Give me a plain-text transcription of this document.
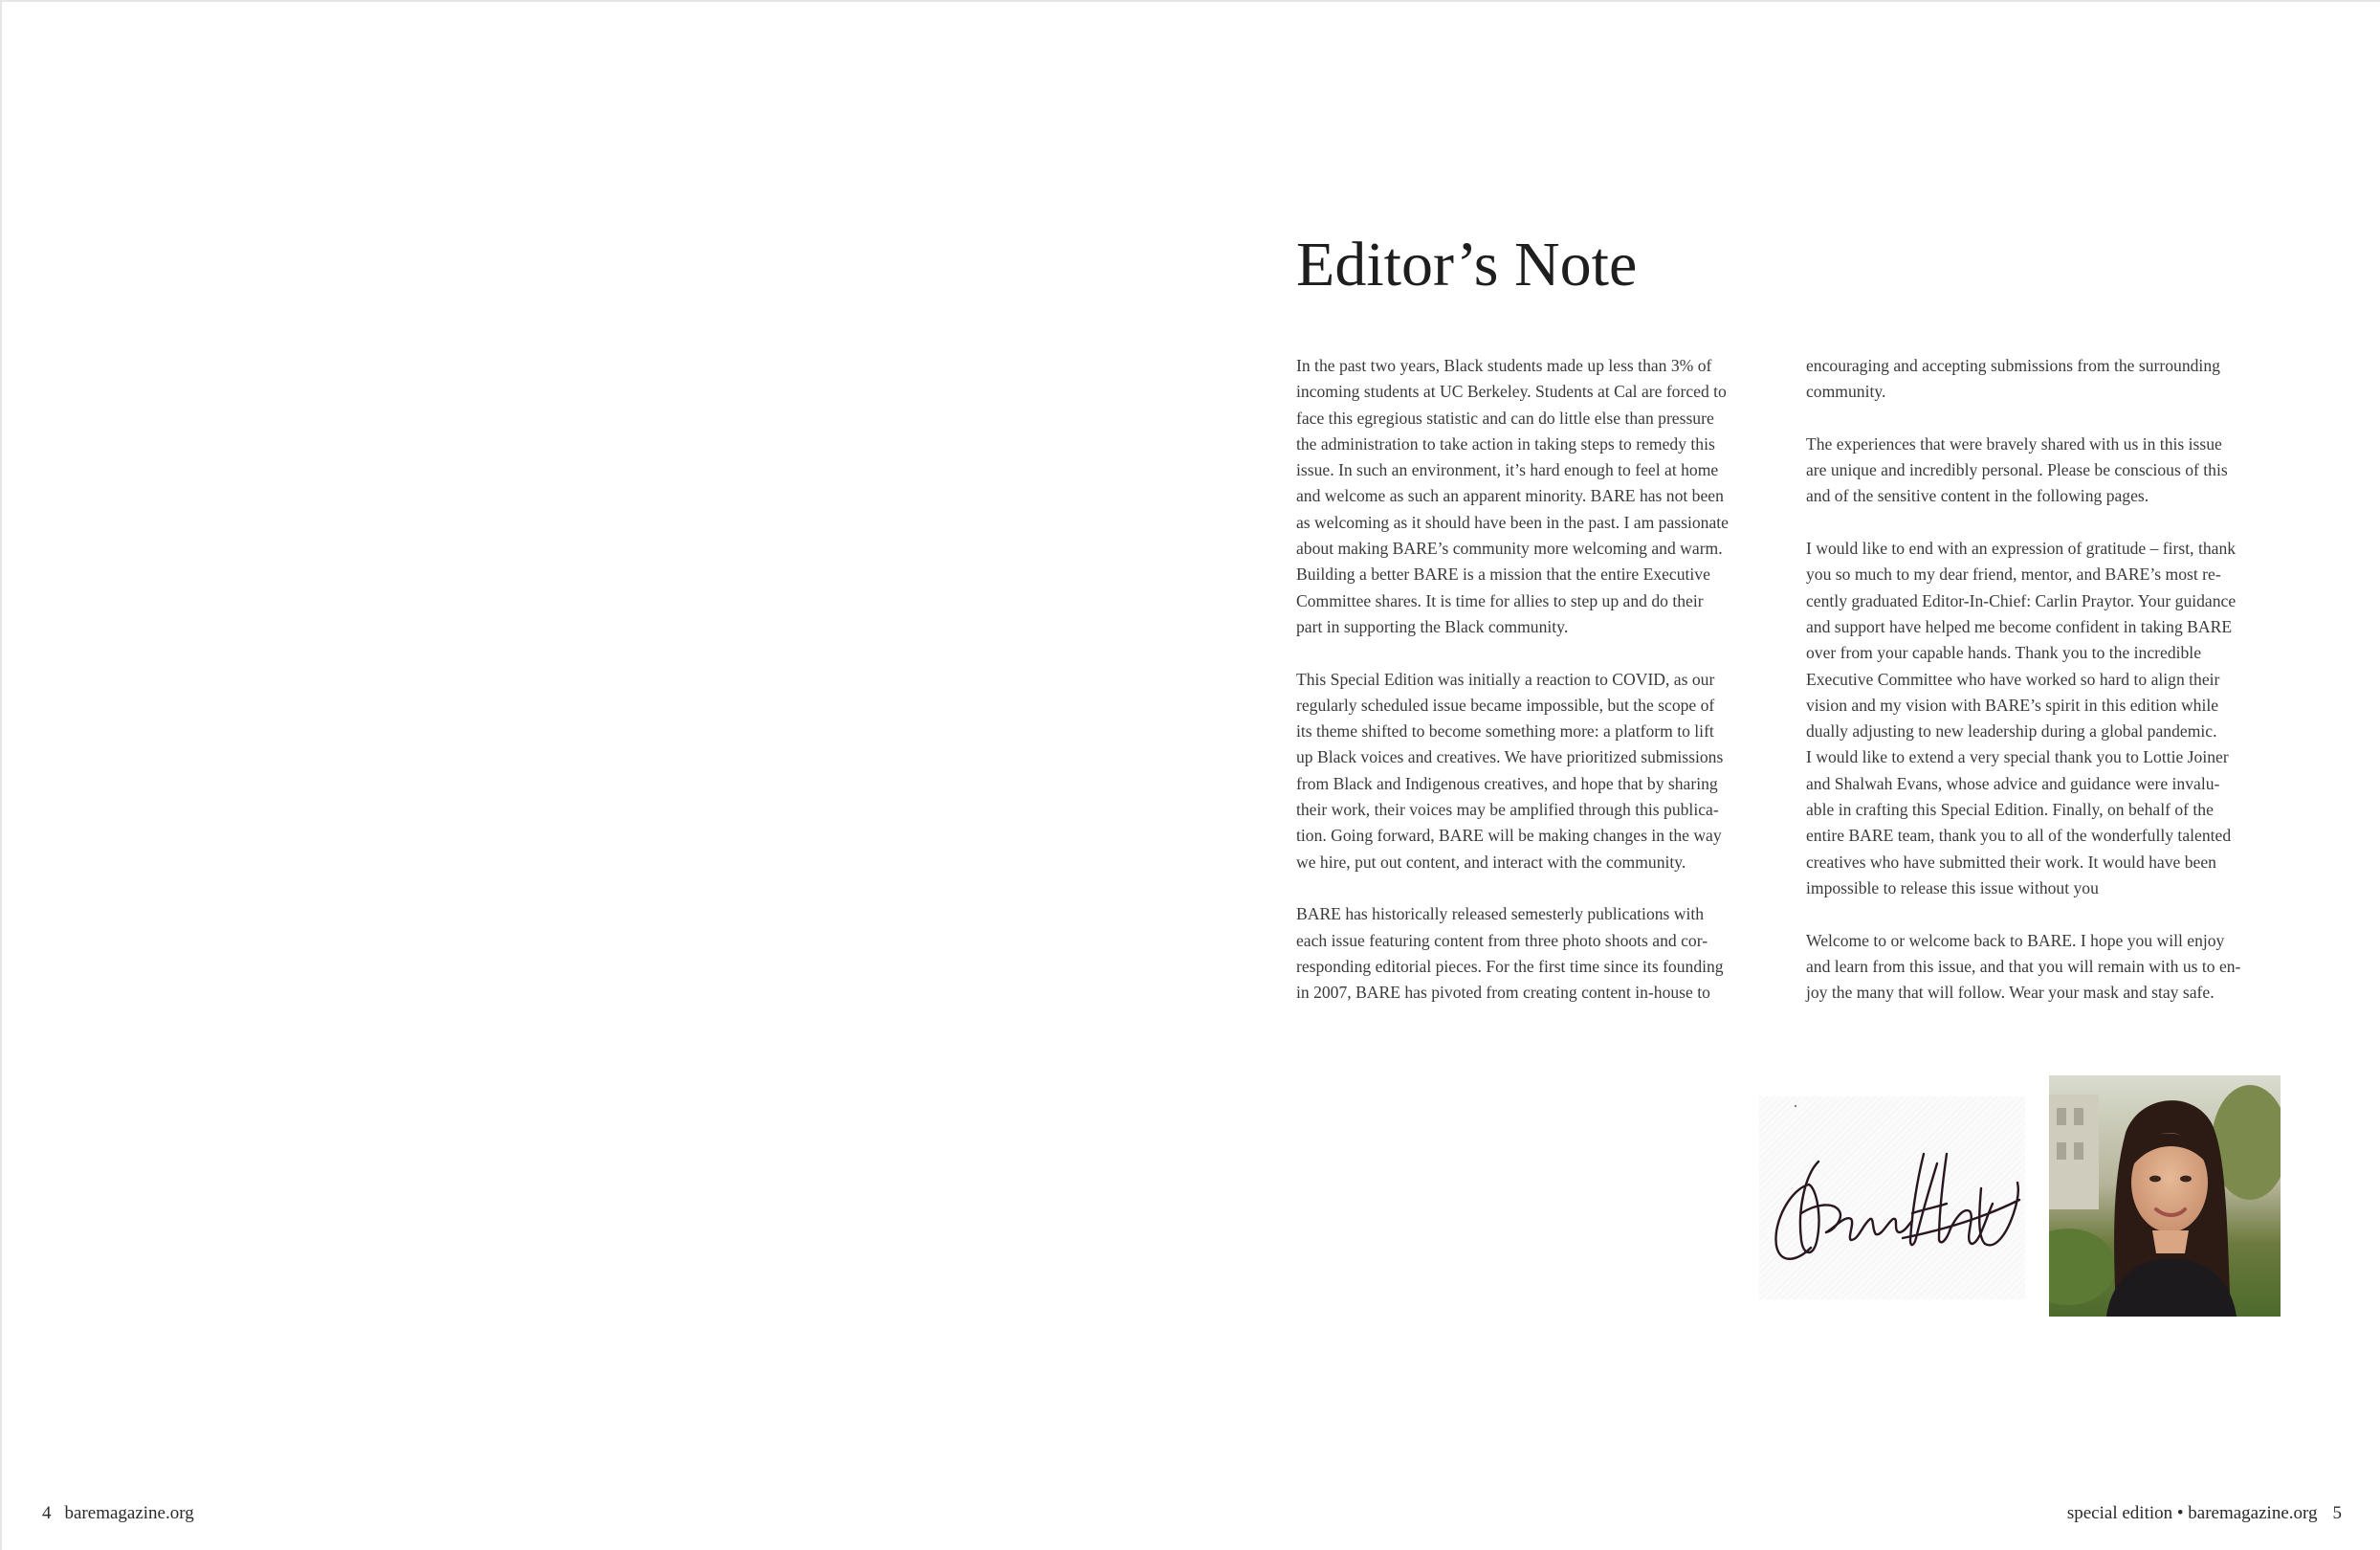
Editor’s Note

In the past two years, Black students made up less than 3% of
incoming students at UC Berkeley. Students at Cal are forced to
face this egregious statistic and can do little else than pressure
the administration to take action in taking steps to remedy this
issue. In such an environment, it’s hard enough to feel at home
and welcome as such an apparent minority. BARE has not been
as welcoming as it should have been in the past. I am passionate
about making BARE’s community more welcoming and warm.
Building a better BARE is a mission that the entire Executive
Committee shares. It is time for allies to step up and do their
part in supporting the Black community.

This Special Edition was initially a reaction to COVID, as our
regularly scheduled issue became impossible, but the scope of
its theme shifted to become something more: a platform to lift
up Black voices and creatives. We have prioritized submissions
from Black and Indigenous creatives, and hope that by sharing
their work, their voices may be amplified through this publica-
tion. Going forward, BARE will be making changes in the way
we hire, put out content, and interact with the community.

BARE has historically released semesterly publications with
each issue featuring content from three photo shoots and cor-
responding editorial pieces. For the first time since its founding
in 2007, BARE has pivoted from creating content in-house to

encouraging and accepting submissions from the surrounding
community.

The experiences that were bravely shared with us in this issue
are unique and incredibly personal. Please be conscious of this
and of the sensitive content in the following pages.

I would like to end with an expression of gratitude – first, thank
you so much to my dear friend, mentor, and BARE’s most re-
cently graduated Editor-In-Chief: Carlin Praytor. Your guidance
and support have helped me become confident in taking BARE
over from your capable hands. Thank you to the incredible
Executive Committee who have worked so hard to align their
vision and my vision with BARE’s spirit in this edition while
dually adjusting to new leadership during a global pandemic.
I would like to extend a very special thank you to Lottie Joiner
and Shalwah Evans, whose advice and guidance were invalu-
able in crafting this Special Edition. Finally, on behalf of the
entire BARE team, thank you to all of the wonderfully talented
creatives who have submitted their work. It would have been
impossible to release this issue without you

Welcome to or welcome back to BARE. I hope you will enjoy
and learn from this issue, and that you will remain with us to en-
joy the many that will follow. Wear your mask and stay safe.

4 baremagazine.org	special edition • baremagazine.org 5
